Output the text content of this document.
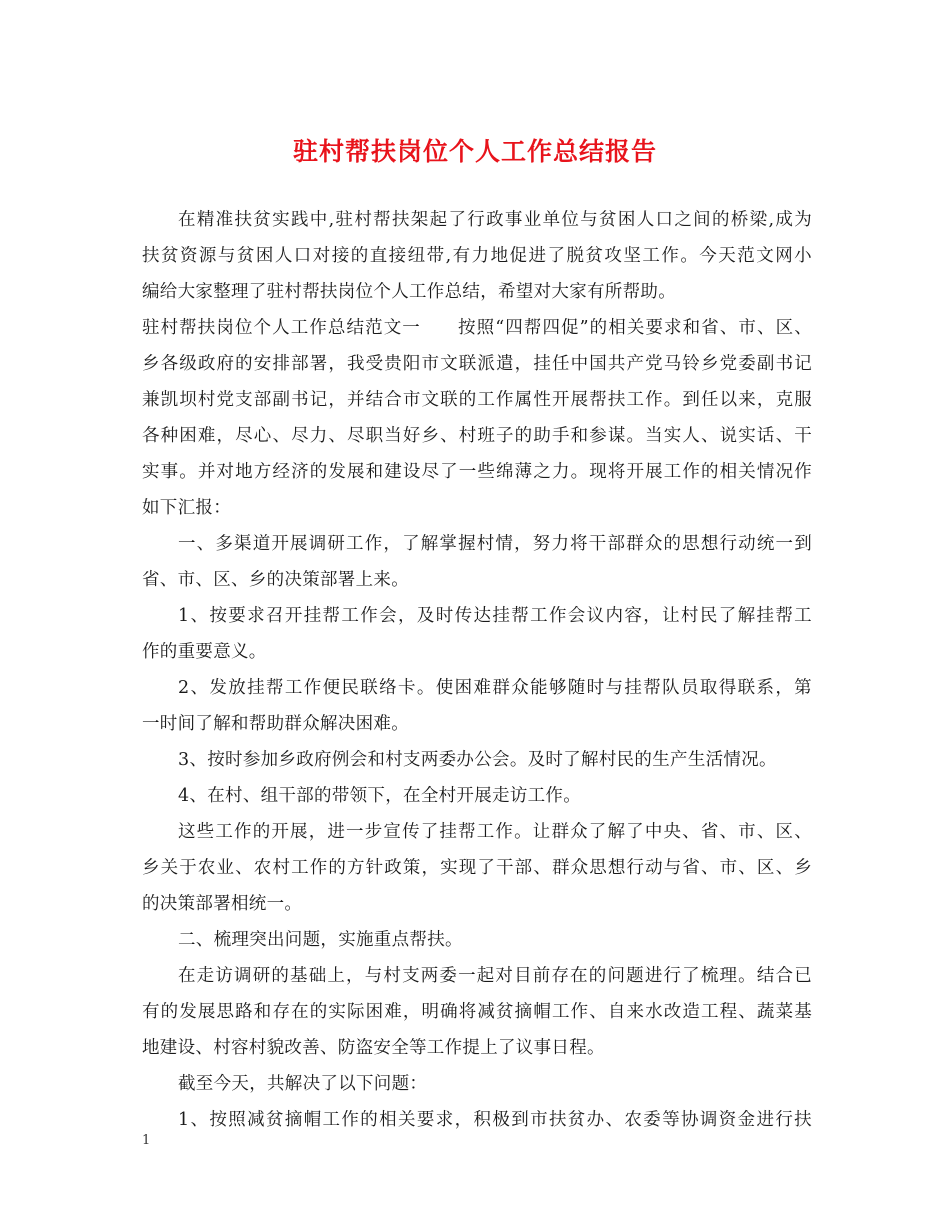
驻村帮扶岗位个人工作总结报告
在精准扶贫实践中,驻村帮扶架起了行政事业单位与贫困人口之间的桥梁,成为
扶贫资源与贫困人口对接的直接纽带,有力地促进了脱贫攻坚工作。今天范文网小
编给大家整理了驻村帮扶岗位个人工作总结，希望对大家有所帮助。
驻村帮扶岗位个人工作总结范文一　　按照“四帮四促”的相关要求和省、市、区、
乡各级政府的安排部署，我受贵阳市文联派遣，挂任中国共产党马铃乡党委副书记
兼凯坝村党支部副书记，并结合市文联的工作属性开展帮扶工作。到任以来，克服
各种困难，尽心、尽力、尽职当好乡、村班子的助手和参谋。当实人、说实话、干
实事。并对地方经济的发展和建设尽了一些绵薄之力。现将开展工作的相关情况作
如下汇报：
一、多渠道开展调研工作，了解掌握村情，努力将干部群众的思想行动统一到
省、市、区、乡的决策部署上来。
1、按要求召开挂帮工作会，及时传达挂帮工作会议内容，让村民了解挂帮工
作的重要意义。
2、发放挂帮工作便民联络卡。使困难群众能够随时与挂帮队员取得联系，第
一时间了解和帮助群众解决困难。
3、按时参加乡政府例会和村支两委办公会。及时了解村民的生产生活情况。
4、在村、组干部的带领下，在全村开展走访工作。
这些工作的开展，进一步宣传了挂帮工作。让群众了解了中央、省、市、区、
乡关于农业、农村工作的方针政策，实现了干部、群众思想行动与省、市、区、乡
的决策部署相统一。
二、梳理突出问题，实施重点帮扶。
在走访调研的基础上，与村支两委一起对目前存在的问题进行了梳理。结合已
有的发展思路和存在的实际困难，明确将减贫摘帽工作、自来水改造工程、蔬菜基
地建设、村容村貌改善、防盗安全等工作提上了议事日程。
截至今天，共解决了以下问题：
1、按照减贫摘帽工作的相关要求，积极到市扶贫办、农委等协调资金进行扶
1
